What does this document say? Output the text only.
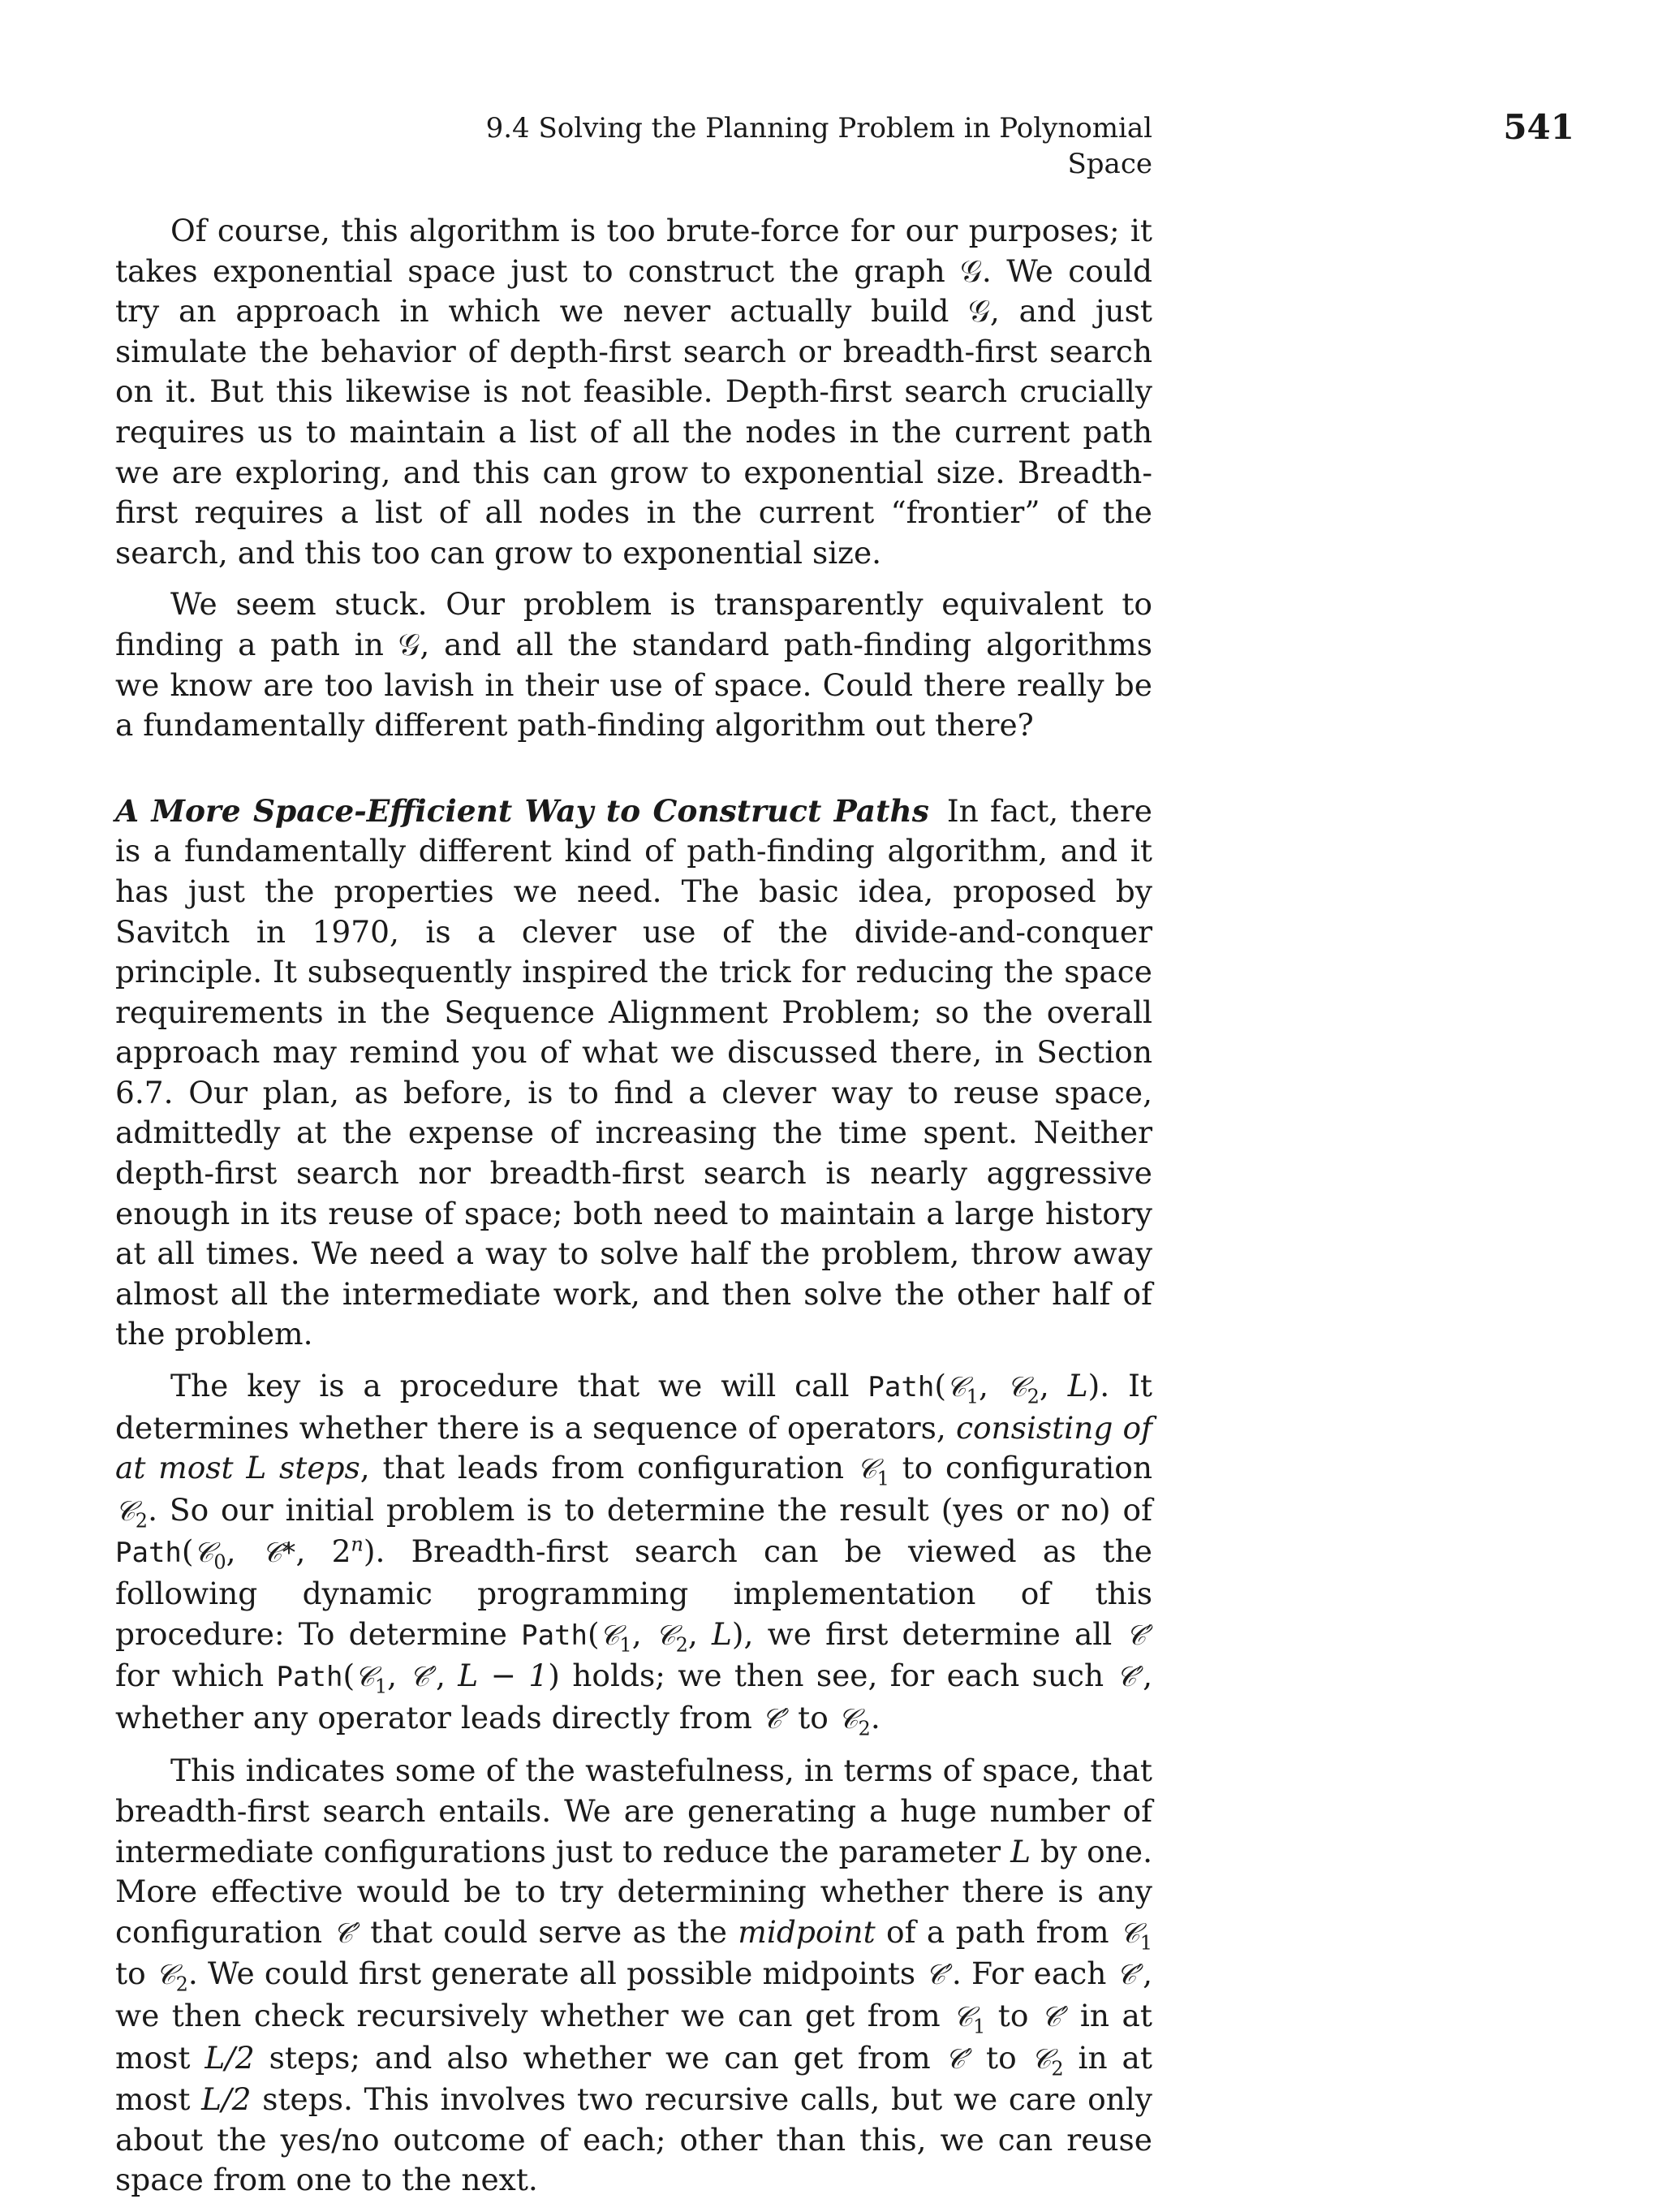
9.4 Solving the Planning Problem in Polynomial Space
541

Of course, this algorithm is too brute-force for our purposes; it takes exponential space just to construct the graph 𝒢. We could try an approach in which we never actually build 𝒢, and just simulate the behavior of depth-first search or breadth-first search on it. But this likewise is not feasible. Depth-first search crucially requires us to maintain a list of all the nodes in the current path we are exploring, and this can grow to exponential size. Breadth-first requires a list of all nodes in the current “frontier” of the search, and this too can grow to exponential size.

We seem stuck. Our problem is transparently equivalent to finding a path in 𝒢, and all the standard path-finding algorithms we know are too lavish in their use of space. Could there really be a fundamentally different path-finding algorithm out there?

A More Space-Efficient Way to Construct Paths In fact, there is a fundamentally different kind of path-finding algorithm, and it has just the properties we need. The basic idea, proposed by Savitch in 1970, is a clever use of the divide-and-conquer principle. It subsequently inspired the trick for reducing the space requirements in the Sequence Alignment Problem; so the overall approach may remind you of what we discussed there, in Section 6.7. Our plan, as before, is to find a clever way to reuse space, admittedly at the expense of increasing the time spent. Neither depth-first search nor breadth-first search is nearly aggressive enough in its reuse of space; both need to maintain a large history at all times. We need a way to solve half the problem, throw away almost all the intermediate work, and then solve the other half of the problem.

The key is a procedure that we will call Path(𝒞$_1$, 𝒞$_2$, L). It determines whether there is a sequence of operators, consisting of at most L steps, that leads from configuration 𝒞$_1$ to configuration 𝒞$_2$. So our initial problem is to determine the result (yes or no) of Path(𝒞$_0$, 𝒞*, 2$^n$). Breadth-first search can be viewed as the following dynamic programming implementation of this procedure: To determine Path(𝒞$_1$, 𝒞$_2$, L), we first determine all 𝒞′ for which Path(𝒞$_1$, 𝒞′, L − 1) holds; we then see, for each such 𝒞′, whether any operator leads directly from 𝒞′ to 𝒞$_2$.

This indicates some of the wastefulness, in terms of space, that breadth-first search entails. We are generating a huge number of intermediate configurations just to reduce the parameter L by one. More effective would be to try determining whether there is any configuration 𝒞′ that could serve as the midpoint of a path from 𝒞$_1$ to 𝒞$_2$. We could first generate all possible midpoints 𝒞′. For each 𝒞′, we then check recursively whether we can get from 𝒞$_1$ to 𝒞′ in at most L/2 steps; and also whether we can get from 𝒞′ to 𝒞$_2$ in at most L/2 steps. This involves two recursive calls, but we care only about the yes/no outcome of each; other than this, we can reuse space from one to the next.
